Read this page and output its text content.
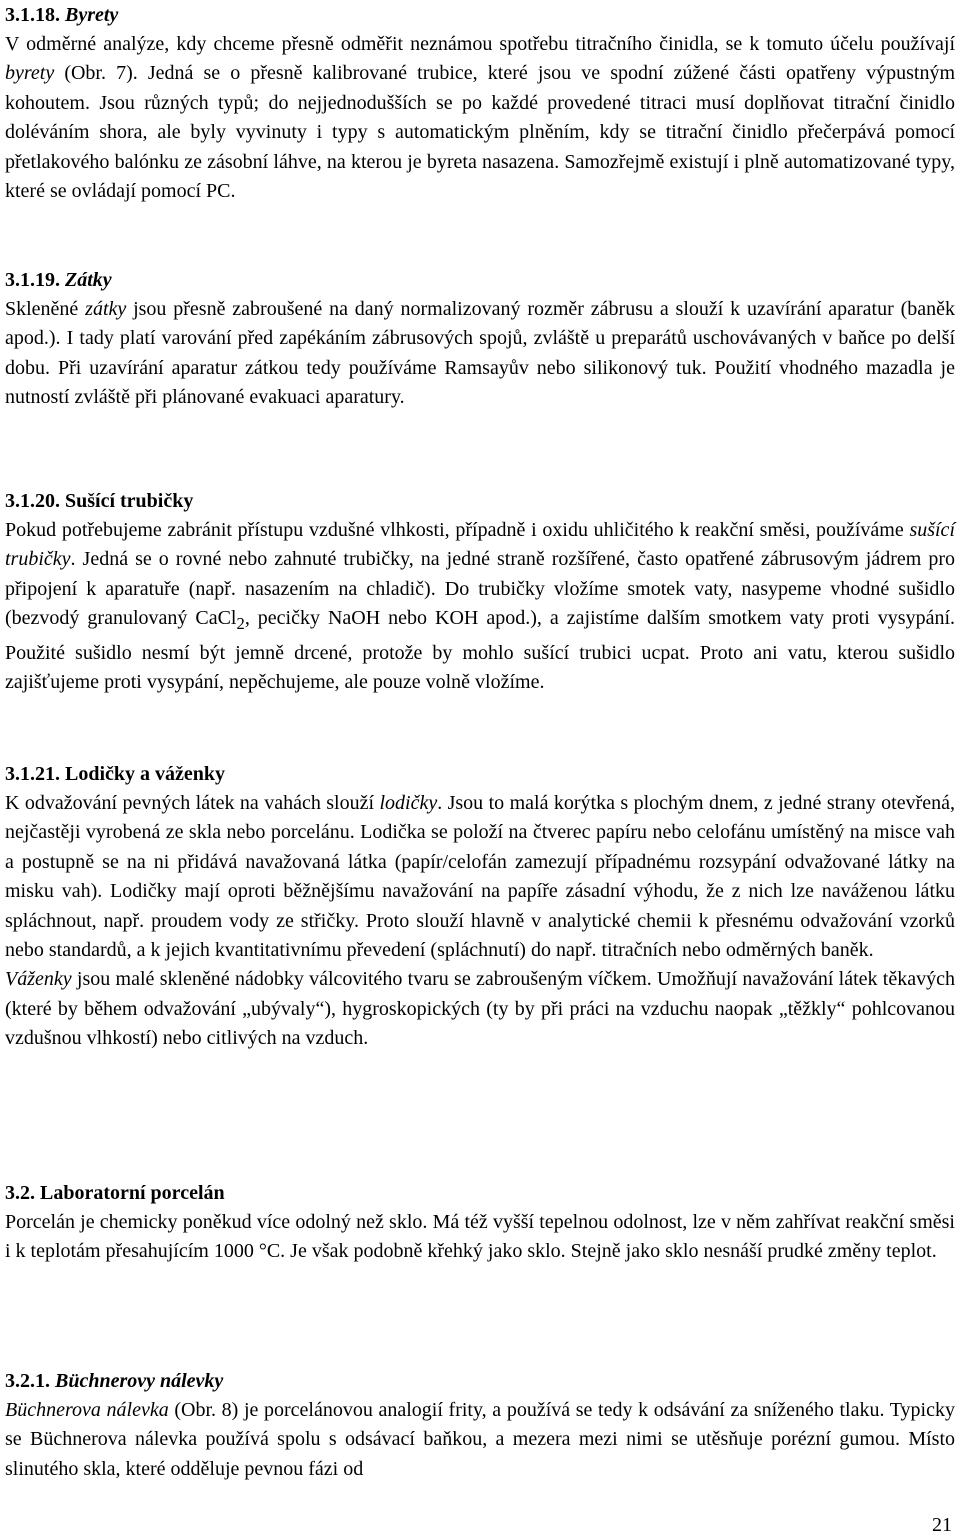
3.1.18. Byrety
V odměrné analýze, kdy chceme přesně odměřit neznámou spotřebu titračního činidla, se k tomuto účelu používají byrety (Obr. 7). Jedná se o přesně kalibrované trubice, které jsou ve spodní zúžené části opatřeny výpustným kohoutem. Jsou různých typů; do nejjednodušších se po každé provedené titraci musí doplňovat titrační činidlo doléváním shora, ale byly vyvinuty i typy s automatickým plněním, kdy se titrační činidlo přečerpává pomocí přetlakového balónku ze zásobní láhve, na kterou je byreta nasazena. Samozřejmě existují i plně automatizované typy, které se ovládají pomocí PC.
3.1.19. Zátky
Skleněné zátky jsou přesně zabroušené na daný normalizovaný rozměr zábrusu a slouží k uzavírání aparatur (baněk apod.). I tady platí varování před zapékáním zábrusových spojů, zvláště u preparátů uschovávaných v baňce po delší dobu. Při uzavírání aparatur zátkou tedy používáme Ramsayův nebo silikonový tuk. Použití vhodného mazadla je nutností zvláště při plánované evakuaci aparatury.
3.1.20. Sušící trubičky
Pokud potřebujeme zabránit přístupu vzdušné vlhkosti, případně i oxidu uhličitého k reakční směsi, používáme sušící trubičky. Jedná se o rovné nebo zahnuté trubičky, na jedné straně rozšířené, často opatřené zábrusovým jádrem pro připojení k aparatuře (např. nasazením na chladič). Do trubičky vložíme smotek vaty, nasypeme vhodné sušidlo (bezvodý granulovaný CaCl$_2$, pecičky NaOH nebo KOH apod.), a zajistíme dalším smotkem vaty proti vysypání. Použité sušidlo nesmí být jemně drcené, protože by mohlo sušící trubici ucpat. Proto ani vatu, kterou sušidlo zajišťujeme proti vysypání, nepěchujeme, ale pouze volně vložíme.
3.1.21. Lodičky a váženky
K odvažování pevných látek na vahách slouží lodičky. Jsou to malá korýtka s plochým dnem, z jedné strany otevřená, nejčastěji vyrobená ze skla nebo porcelánu. Lodička se položí na čtverec papíru nebo celofánu umístěný na misce vah a postupně se na ni přidává navažovaná látka (papír/celofán zamezují případnému rozsypání odvažované látky na misku vah). Lodičky mají oproti běžnějšímu navažování na papíře zásadní výhodu, že z nich lze naváženou látku spláchnout, např. proudem vody ze střičky. Proto slouží hlavně v analytické chemii k přesnému odvažování vzorků nebo standardů, a k jejich kvantitativnímu převedení (spláchnutí) do např. titračních nebo odměrných baněk.
Váženky jsou malé skleněné nádobky válcovitého tvaru se zabroušeným víčkem. Umožňují navažování látek těkavých (které by během odvažování „ubývaly“), hygroskopických (ty by při práci na vzduchu naopak „těžkly“ pohlcovanou vzdušnou vlhkostí) nebo citlivých na vzduch.
3.2. Laboratorní porcelán
Porcelán je chemicky poněkud více odolný než sklo. Má též vyšší tepelnou odolnost, lze v něm zahřívat reakční směsi i k teplotám přesahujícím 1000 °C. Je však podobně křehký jako sklo. Stejně jako sklo nesnáší prudké změny teplot.
3.2.1. Büchnerovy nálevky
Büchnerova nálevka (Obr. 8) je porcelánovou analogií frity, a používá se tedy k odsávání za sníženého tlaku. Typicky se Büchnerova nálevka používá spolu s odsávací baňkou, a mezera mezi nimi se utěsňuje porézní gumou. Místo slinutého skla, které odděluje pevnou fázi od
21
